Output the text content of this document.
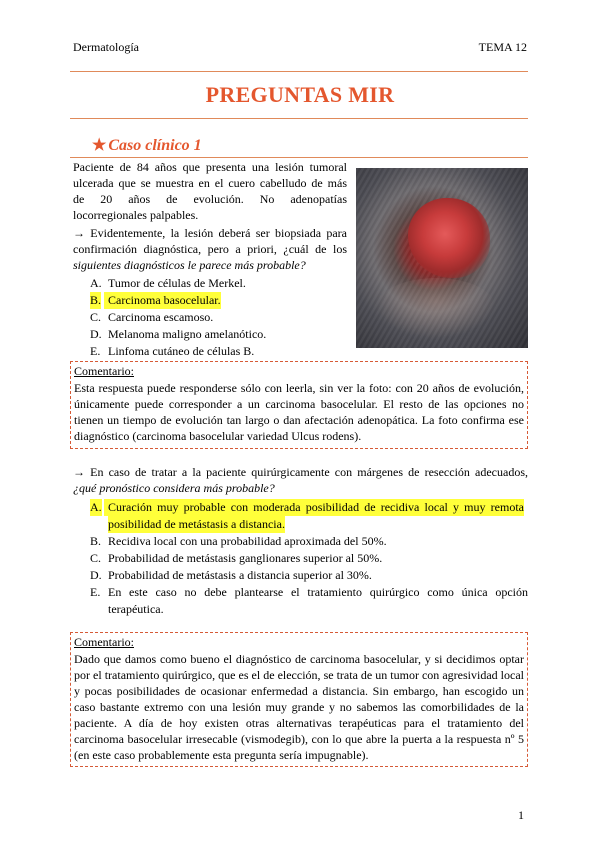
Dermatología	TEMA 12
PREGUNTAS MIR
★ Caso clínico 1
Paciente de 84 años que presenta una lesión tumoral
ulcerada que se muestra en el cuero cabelludo de más
de 20 años de evolución. No adenopatías
locorregionales palpables.
→ Evidentemente, la lesión deberá ser biopsiada para
confirmación diagnóstica, pero a priori, ¿cuál de los
siguientes diagnósticos le parece más probable?
A. Tumor de células de Merkel.
B. Carcinoma basocelular.
C. Carcinoma escamoso.
D. Melanoma maligno amelanótico.
E. Linfoma cutáneo de células B.
Comentario:
Esta respuesta puede responderse sólo con leerla, sin ver la foto: con 20 años de evolución,
únicamente puede corresponder a un carcinoma basocelular. El resto de las opciones no
tienen un tiempo de evolución tan largo o dan afectación adenopática. La foto confirma ese
diagnóstico (carcinoma basocelular variedad Ulcus rodens).
→ En caso de tratar a la paciente quirúrgicamente con márgenes de resección adecuados,
¿qué pronóstico considera más probable?
A. Curación muy probable con moderada posibilidad de recidiva local y muy remota
posibilidad de metástasis a distancia.
B. Recidiva local con una probabilidad aproximada del 50%.
C. Probabilidad de metástasis ganglionares superior al 50%.
D. Probabilidad de metástasis a distancia superior al 30%.
E. En este caso no debe plantearse el tratamiento quirúrgico como única opción
terapéutica.
Comentario:
Dado que damos como bueno el diagnóstico de carcinoma basocelular, y si decidimos optar
por el tratamiento quirúrgico, que es el de elección, se trata de un tumor con agresividad local
y pocas posibilidades de ocasionar enfermedad a distancia. Sin embargo, han escogido un
caso bastante extremo con una lesión muy grande y no sabemos las comorbilidades de la
paciente. A día de hoy existen otras alternativas terapéuticas para el tratamiento del
carcinoma basocelular irresecable (vismodegib), con lo que abre la puerta a la respuesta nº 5
(en este caso probablemente esta pregunta sería impugnable).
1
